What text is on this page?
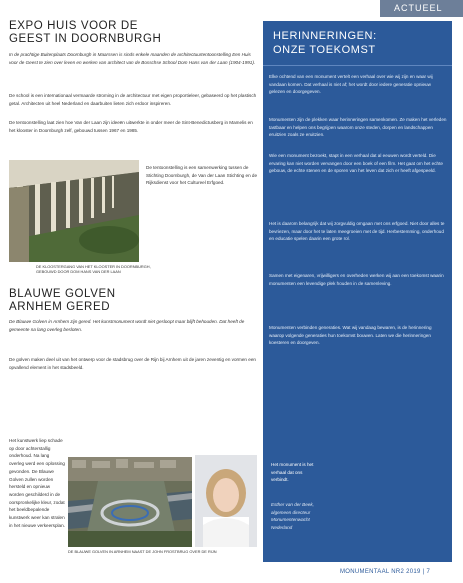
ACTUEEL
EXPO HUIS VOOR DE
GEEST IN DOORNBURGH
In de prachtige Buitenplaats Doornburgh in Maarssen is sinds enkele maanden de architectuurtentoonstelling Een Huis voor de Geest te zien over leven en werken van architect van de Bosschse School Dom Hans van der Laan (1904-1991).
De school is een internationaal vermaarde stroming in de architectuur met eigen proportieleer, gebaseerd op het plastisch getal. Architecten uit heel Nederland en daarbuiten lieten zich erdoor inspireren.
De tentoonstelling laat zien hoe Van der Laan zijn ideeën uitwerkte in onder meer de Sint-Benedictusberg in Mamelis en het klooster in Doornburgh zelf, gebouwd tussen 1967 en 1985.
De tentoonstelling is een samenwerking tussen de Stichting Doornburgh, de Van der Laan Stichting en de Rijksdienst voor het Cultureel Erfgoed.
DE KLOOSTERGANG VAN HET KLOOSTER IN DOORNBURGH, GEBOUWD DOOR DOM HANS VAN DER LAAN
BLAUWE GOLVEN
ARNHEM GERED
De Blauwe Golven in Arnhem zijn gered. Het kunstmonument wordt niet gesloopt maar blijft behouden. Dat heeft de gemeente na lang overleg besloten.
De golven maken deel uit van het ontwerp voor de stadsbrug over de Rijn bij Arnhem uit de jaren zeventig en vormen een opvallend element in het stadsbeeld.
Het kunstwerk liep schade op door achterstallig onderhoud. Na lang overleg werd een oplossing gevonden. De Blauwe Golven zullen worden hersteld en opnieuw worden geschilderd in de oorspronkelijke kleur, zodat het beeldbepalende kunstwerk weer kan stralen in het nieuwe verkeersplan.
DE BLAUWE GOLVEN IN ARNHEM NAAST DE JOHN FROSTBRUG OVER DE RIJN
HERINNERINGEN:
ONZE TOEKOMST
Elke ochtend van een monument vertelt een verhaal over wie wij zijn en waar wij vandaan komen. Dat verhaal is niet af; het wordt door iedere generatie opnieuw gelezen en doorgegeven.
Monumenten zijn de plekken waar herinneringen samenkomen. Ze maken het verleden tastbaar en helpen ons begrijpen waarom onze steden, dorpen en landschappen eruitzien zoals ze eruitzien.
Wie een monument bezoekt, stapt in een verhaal dat al eeuwen wordt verteld. Die ervaring kan niet worden vervangen door een boek of een film. Het gaat om het echte gebouw, de echte stenen en de sporen van het leven dat zich er heeft afgespeeld.
Het is daarom belangrijk dat wij zorgvuldig omgaan met ons erfgoed. Niet door alles te bevriezen, maar door het te laten meegroeien met de tijd. Herbestemming, onderhoud en educatie spelen daarin een grote rol.
Samen met eigenaren, vrijwilligers en overheden werken wij aan een toekomst waarin monumenten een levendige plek houden in de samenleving.
Monumenten verbinden generaties. Wat wij vandaag bewaren, is de herinnering waarop volgende generaties hun toekomst bouwen. Laten we die herinneringen koesteren en doorgeven.
Het monument is het verhaal dat ons verbindt.
Esther van der Beek, algemeen directeur Monumentenwacht Nederland
MONUMENTAAL NR2 2019 | 7
